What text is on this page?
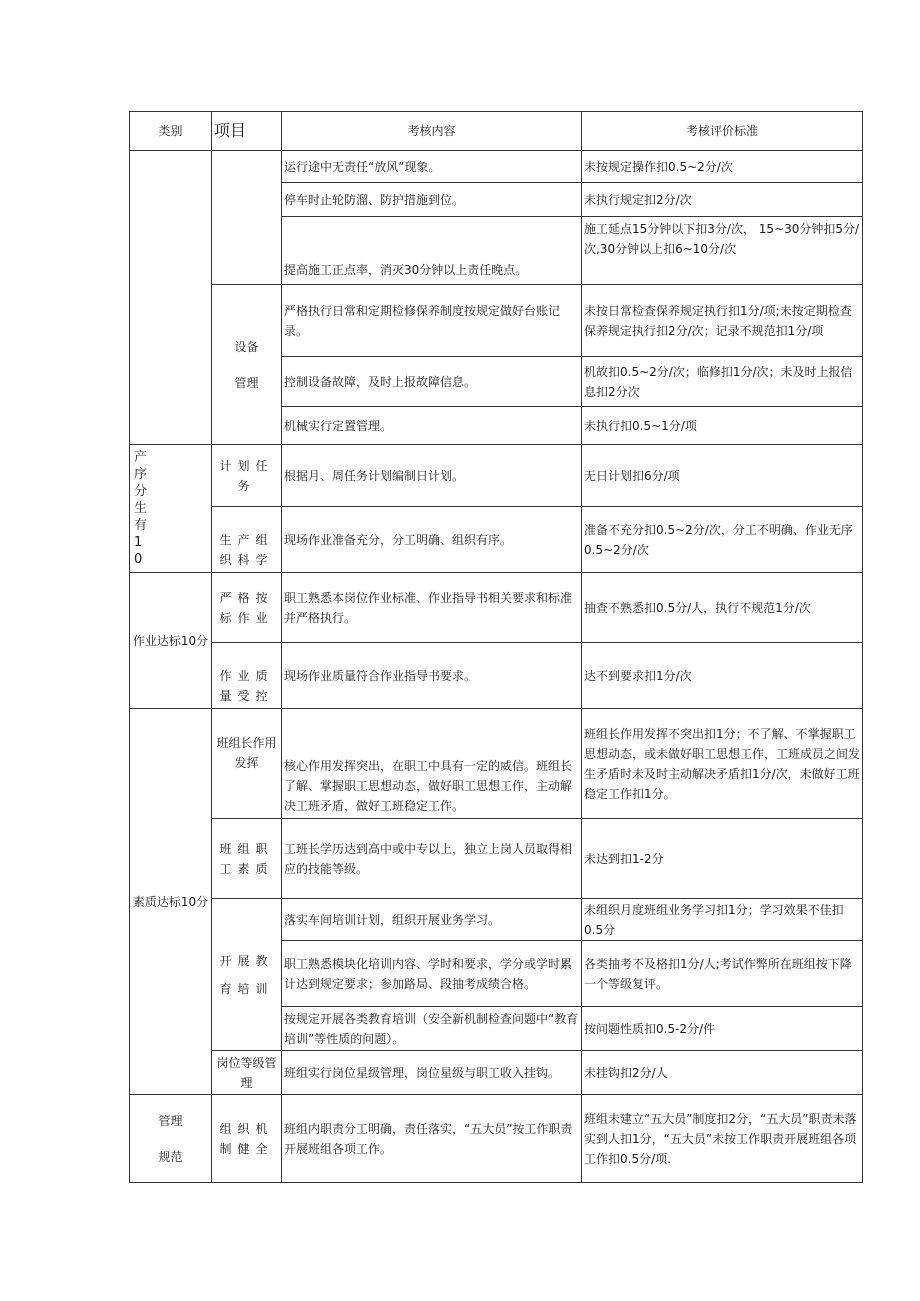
类别	项目	考核内容	考核评价标准
		运行途中无责任“放风”现象。	未按规定操作扣0.5~2分/次
		停车时止轮防溜、防护措施到位。	未执行规定扣2分/次
		提高施工正点率，消灭30分钟以上责任晚点。	施工延点15分钟以下扣3分/次， 15~30分钟扣5分/次,30分钟以上扣6~10分/次
	设备管理	严格执行日常和定期检修保养制度按规定做好台账记录。	未按日常检查保养规定执行扣1分/项;未按定期检查保养规定执行扣2分/次；记录不规范扣1分/项
		控制设备故障，及时上报故障信息。	机故扣0.5~2分/次；临修扣1分/次；未及时上报信息扣2分次
		机械实行定置管理。	未执行扣0.5~1分/项
产序分生有10	计划任务	根据月、周任务计划编制日计划。	无日计划扣6分/项
	生产组织科学	现场作业准备充分，分工明确、组织有序。	准备不充分扣0.5~2分/次，分工不明确、作业无序0.5~2分/次
作业达标10分	严格按标作业	职工熟悉本岗位作业标准、作业指导书相关要求和标准并严格执行。	抽查不熟悉扣0.5分/人，执行不规范1分/次
	作业质量受控	现场作业质量符合作业指导书要求。	达不到要求扣1分/次
素质达标10分	班组长作用发挥	核心作用发挥突出，在职工中具有一定的威信。班组长了解、掌握职工思想动态，做好职工思想工作，主动解决工班矛盾，做好工班稳定工作。	班组长作用发挥不突出扣1分；不了解、不掌握职工思想动态，或未做好职工思想工作，工班成员之间发生矛盾时未及时主动解决矛盾扣1分/次，未做好工班稳定工作扣1分。
	班组职工素质	工班长学历达到高中或中专以上，独立上岗人员取得相应的技能等级。	未达到扣1-2分
	开展教育培训	落实车间培训计划，组织开展业务学习。	未组织月度班组业务学习扣1分；学习效果不佳扣0.5分
		职工熟悉模块化培训内容、学时和要求，学分或学时累计达到规定要求；参加路局、段抽考成绩合格。	各类抽考不及格扣1分/人;考试作弊所在班组按下降一个等级复评。
		按规定开展各类教育培训（安全新机制检查问题中“教育培训”等性质的问题）。	按问题性质扣0.5-2分/件
	岗位等级管理	班组实行岗位星级管理，岗位星级与职工收入挂钩。	未挂钩扣2分/人
管理规范	组织机制健全	班组内职责分工明确，责任落实，“五大员”按工作职责开展班组各项工作。	班组未建立“五大员”制度扣2分，“五大员”职责未落实到人扣1分，“五大员”未按工作职责开展班组各项工作扣0.5分/项.
